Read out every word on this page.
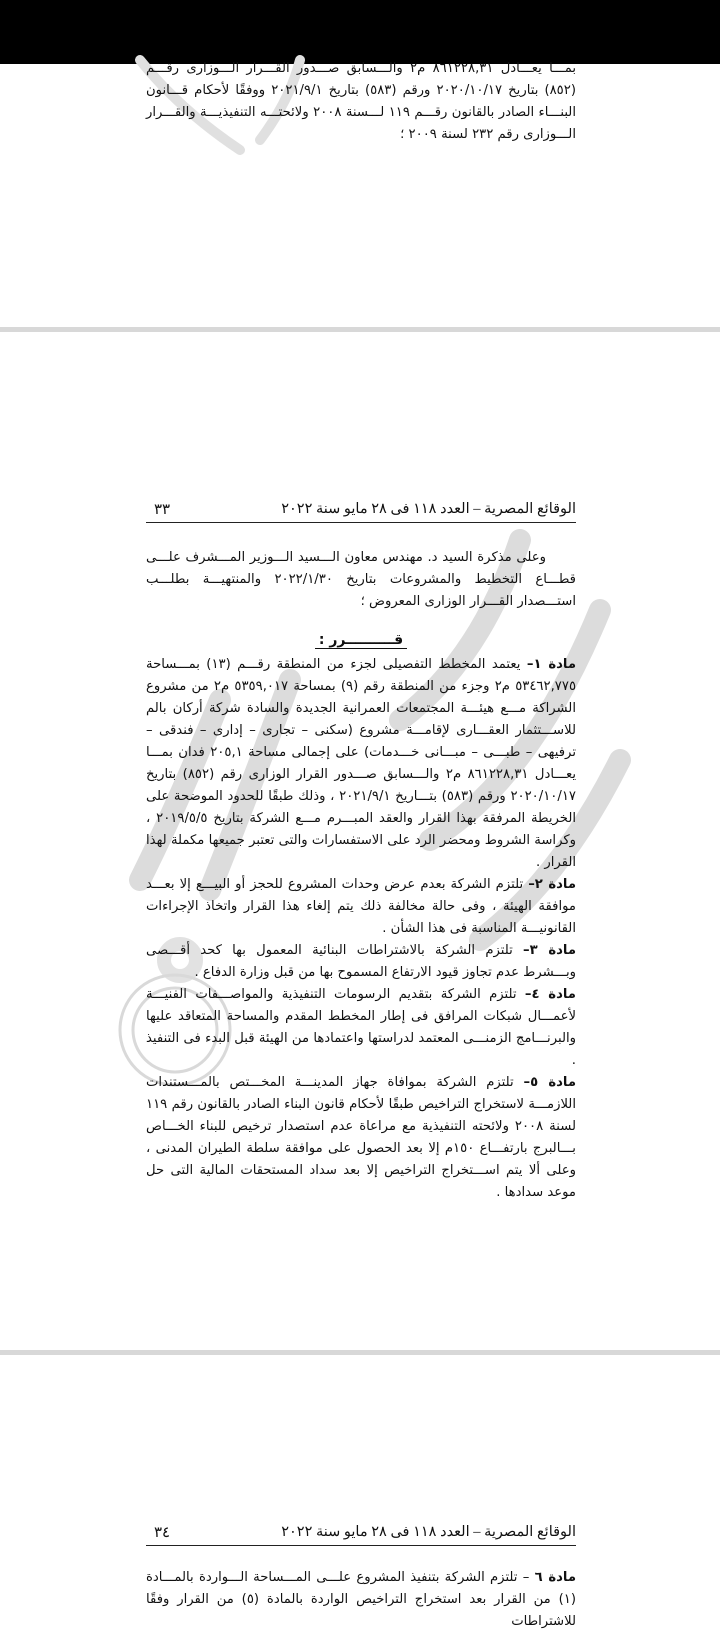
بمـــا يعـــادل ٨٦١٢٢٨,٣١ م٢ والـــسابق صـــدور القـــرار الـــوزارى رقـــم (٨٥٢) بتاريخ ٢٠٢٠/١٠/١٧ ورقم (٥٨٣) بتاريخ ٢٠٢١/٩/١ ووفقًا لأحكام قـــانون البنـــاء الصادر بالقانون رقـــم ١١٩ لـــسنة ٢٠٠٨ ولائحتـــه التنفيذيـــة والقـــرار الـــوزارى رقم ٢٣٢ لسنة ٢٠٠٩ ؛

الوقائع المصرية – العدد ١١٨ فى ٢٨ مايو سنة ٢٠٢٢
٣٣

وعلى مذكرة السيد د. مهندس معاون الـــسيد الـــوزير المـــشرف علـــى قطـــاع التخطيط والمشروعات بتاريخ ٢٠٢٢/١/٣٠ والمنتهيـــة بطلـــب استـــصدار القـــرار الوزارى المعروض ؛

قــــــــــرر :

مادة ١– يعتمد المخطط التفصيلى لجزء من المنطقة رقـــم (١٣) بمـــساحة ٥٣٤٦٢,٧٧٥ م٢ وجزء من المنطقة رقم (٩) بمساحة ٥٣٥٩,٠١٧ م٢ من مشروع الشراكة مـــع هيئـــة المجتمعات العمرانية الجديدة والسادة شركة أركان بالم للاســـتثمار العقـــارى لإقامـــة مشروع (سكنى – تجارى – إدارى – فندقى – ترفيهى – طبـــى – مبـــانى خـــدمات) على إجمالى مساحة ٢٠٥,١ فدان بمـــا يعـــادل ٨٦١٢٢٨,٣١ م٢ والـــسابق صـــدور القرار الوزارى رقم (٨٥٢) بتاريخ ٢٠٢٠/١٠/١٧ ورقم (٥٨٣) بتـــاريخ ٢٠٢١/٩/١ ، وذلك طبقًا للحدود الموضحة على الخريطة المرفقة بهذا القرار والعقد المبـــرم مـــع الشركة بتاريخ ٢٠١٩/٥/٥ ، وكراسة الشروط ومحضر الرد على الاستفسارات والتى تعتبر جميعها مكملة لهذا القرار .

مادة ٢– تلتزم الشركة بعدم عرض وحدات المشروع للحجز أو البيـــع إلا بعـــد موافقة الهيئة ، وفى حالة مخالفة ذلك يتم إلغاء هذا القرار واتخاذ الإجراءات القانونيـــة المناسبة فى هذا الشأن .

مادة ٣– تلتزم الشركة بالاشتراطات البنائية المعمول بها كحد أقـــصى وبـــشرط عدم تجاوز قيود الارتفاع المسموح بها من قبل وزارة الدفاع .

مادة ٤– تلتزم الشركة بتقديم الرسومات التنفيذية والمواصـــفات الفنيـــة لأعمـــال شبكات المرافق فى إطار المخطط المقدم والمساحة المتعاقد عليها والبرنـــامج الزمنـــى المعتمد لدراستها واعتمادها من الهيئة قبل البدء فى التنفيذ .

مادة ٥– تلتزم الشركة بموافاة جهاز المدينـــة المخـــتص بالمـــستندات اللازمـــة لاستخراج التراخيص طبقًا لأحكام قانون البناء الصادر بالقانون رقم ١١٩ لسنة ٢٠٠٨ ولائحته التنفيذية مع مراعاة عدم استصدار ترخيص للبناء الخـــاص بـــالبرج بارتفـــاع ١٥٠م إلا بعد الحصول على موافقة سلطة الطيران المدنى ، وعلى ألا يتم اســـتخراج التراخيص إلا بعد سداد المستحقات المالية التى حل موعد سدادها .

الوقائع المصرية – العدد ١١٨ فى ٢٨ مايو سنة ٢٠٢٢
٣٤

مادة ٦ – تلتزم الشركة بتنفيذ المشروع علـــى المـــساحة الـــواردة بالمـــادة (١) من القرار بعد استخراج التراخيص الواردة بالمادة (٥) من القرار وفقًا للاشتراطات
